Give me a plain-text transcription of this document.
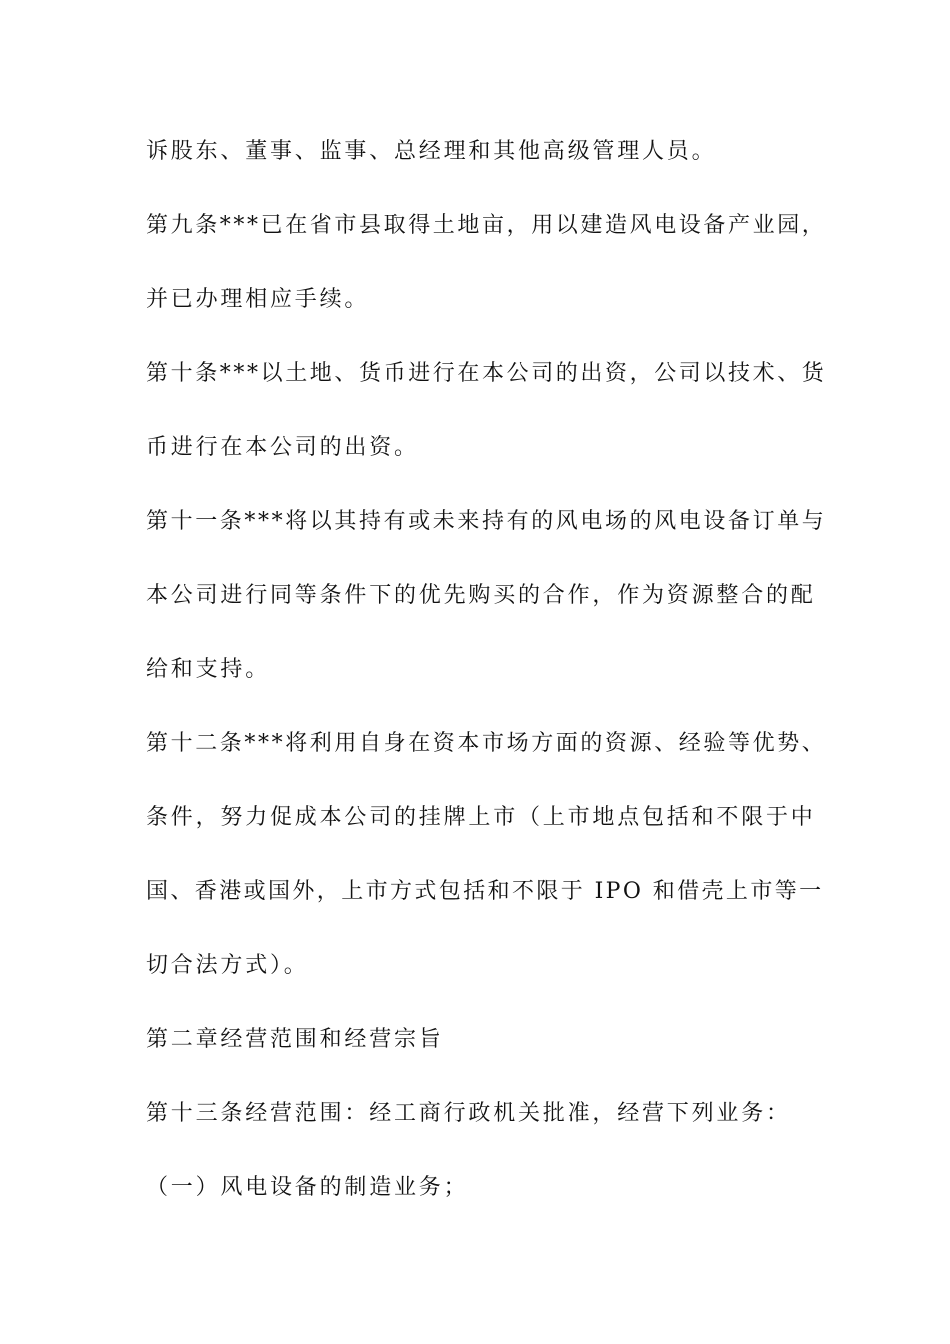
诉股东、董事、监事、总经理和其他高级管理人员。
第九条***已在省市县取得土地亩，用以建造风电设备产业园，
并已办理相应手续。
第十条***以土地、货币进行在本公司的出资，公司以技术、货
币进行在本公司的出资。
第十一条***将以其持有或未来持有的风电场的风电设备订单与
本公司进行同等条件下的优先购买的合作，作为资源整合的配
给和支持。
第十二条***将利用自身在资本市场方面的资源、经验等优势、
条件，努力促成本公司的挂牌上市（上市地点包括和不限于中
国、香港或国外，上市方式包括和不限于 IPO 和借壳上市等一
切合法方式）。
第二章经营范围和经营宗旨
第十三条经营范围：经工商行政机关批准，经营下列业务：
（一）风电设备的制造业务；
